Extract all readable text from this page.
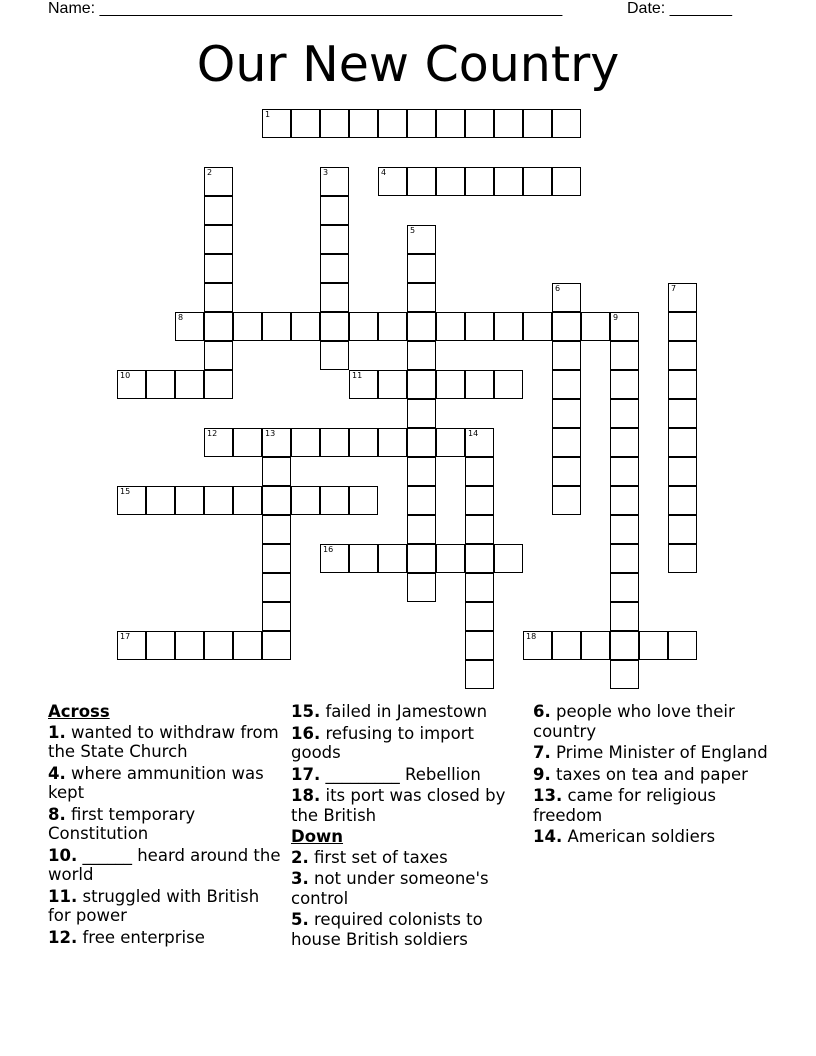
Name: ____________________________________________________	Date: _______
Our New Country
1
4
8	9
10	11
12	13	14
15
16
17	18
2	3
5
6	7
Across
1. wanted to withdraw from the State Church
4. where ammunition was kept
8. first temporary Constitution
10. ______ heard around the world
11. struggled with British for power
12. free enterprise
15. failed in Jamestown
16. refusing to import goods
17. _________ Rebellion
18. its port was closed by the British
Down
2. first set of taxes
3. not under someone's control
5. required colonists to house British soldiers
6. people who love their country
7. Prime Minister of England
9. taxes on tea and paper
13. came for religious freedom
14. American soldiers
